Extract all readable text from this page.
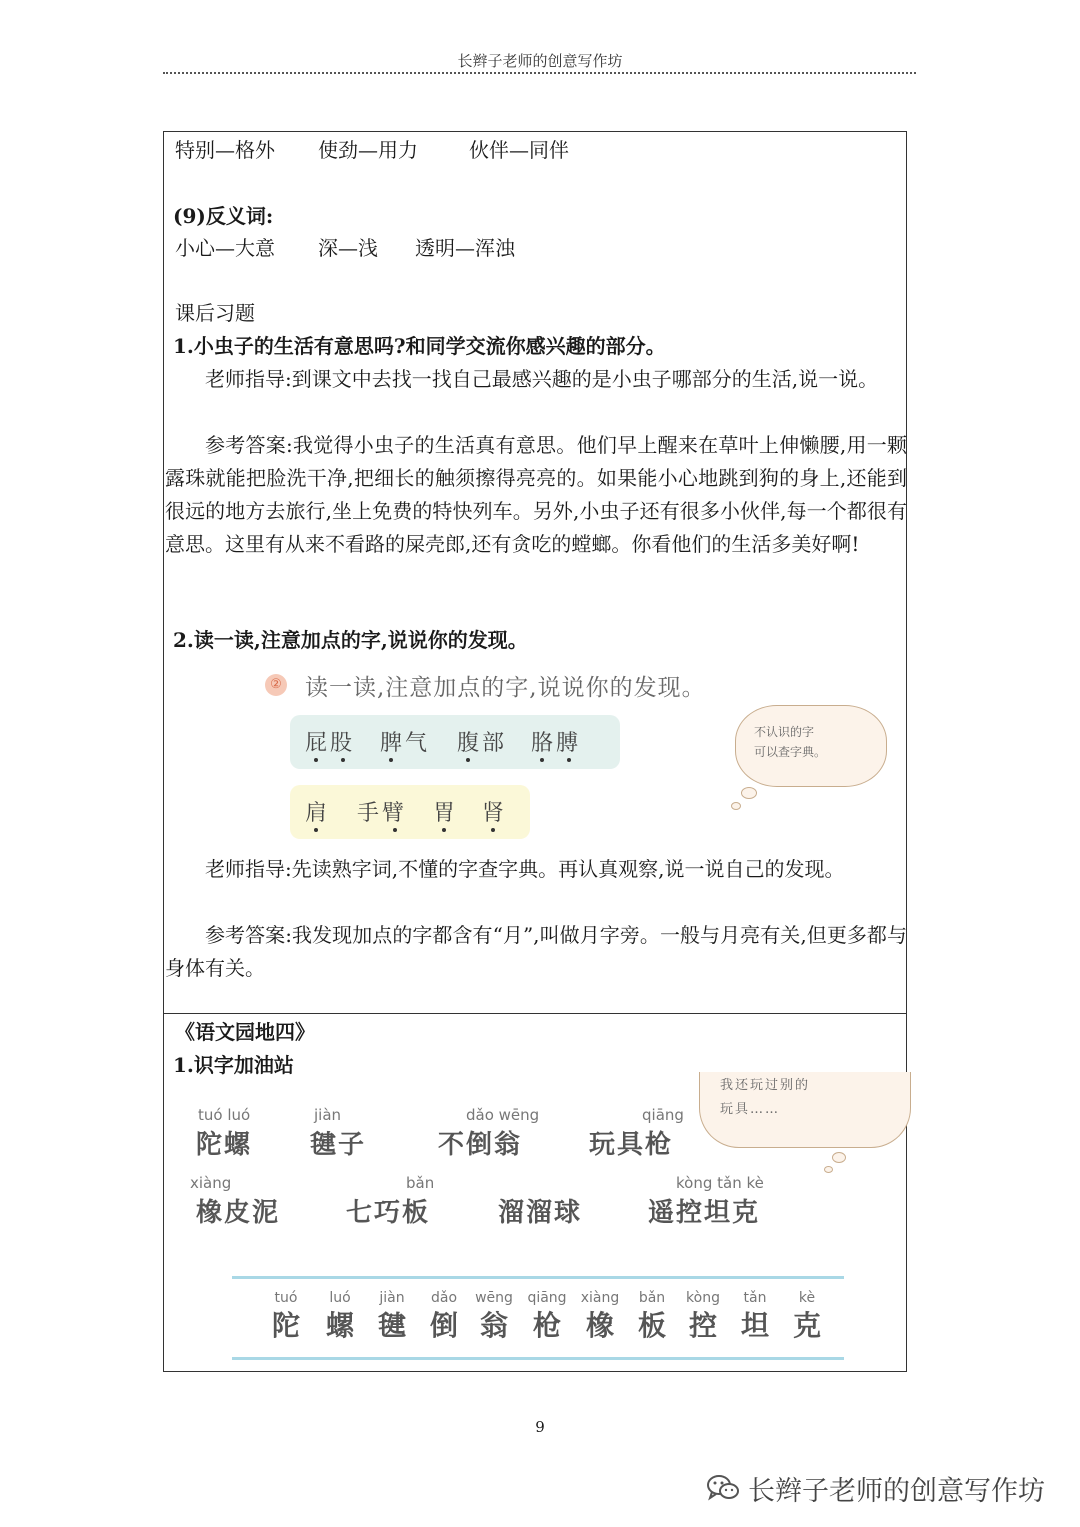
长辫子老师的创意写作坊
特别—格外 使劲—用力	伙伴—同伴
(9)反义词:
小心—大意 深—浅 透明—浑浊
课后习题
1.小虫子的生活有意思吗?和同学交流你感兴趣的部分。
老师指导:到课文中去找一找自己最感兴趣的是小虫子哪部分的生活,说一说。
参考答案:我觉得小虫子的生活真有意思。他们早上醒来在草叶上伸懒腰,用一颗露珠就能把脸洗干净,把细长的触须擦得亮亮的。如果能小心地跳到狗的身上,还能到很远的地方去旅行,坐上免费的特快列车。另外,小虫子还有很多小伙伴,每一个都很有意思。这里有从来不看路的屎壳郎,还有贪吃的螳螂。你看他们的生活多美好啊!
2.读一读,注意加点的字,说说你的发现。
② 读一读,注意加点的字,说说你的发现。
屁股 脾气 腹部 胳膊
肩 手臂 胃 肾
不认识的字
可以查字典。
老师指导:先读熟字词,不懂的字查字典。再认真观察,说一说自己的发现。
参考答案:我发现加点的字都含有“月”,叫做月字旁。一般与月亮有关,但更多都与身体有关。
《语文园地四》
1.识字加油站
我还玩过别的
玩具……
tuó luó
陀螺
jiàn
毽子
dǎo wēng
不倒翁
qiāng
玩具枪
xiàng
橡皮泥
bǎn
七巧板	溜溜球
kòng tǎn kè
遥控坦克
tuó
陀
luó
螺
jiàn
毽
dǎo
倒
wēng
翁
qiāng
枪
xiàng
橡
bǎn
板
kòng
控
tǎn
坦
kè
克
9
长辫子老师的创意写作坊
